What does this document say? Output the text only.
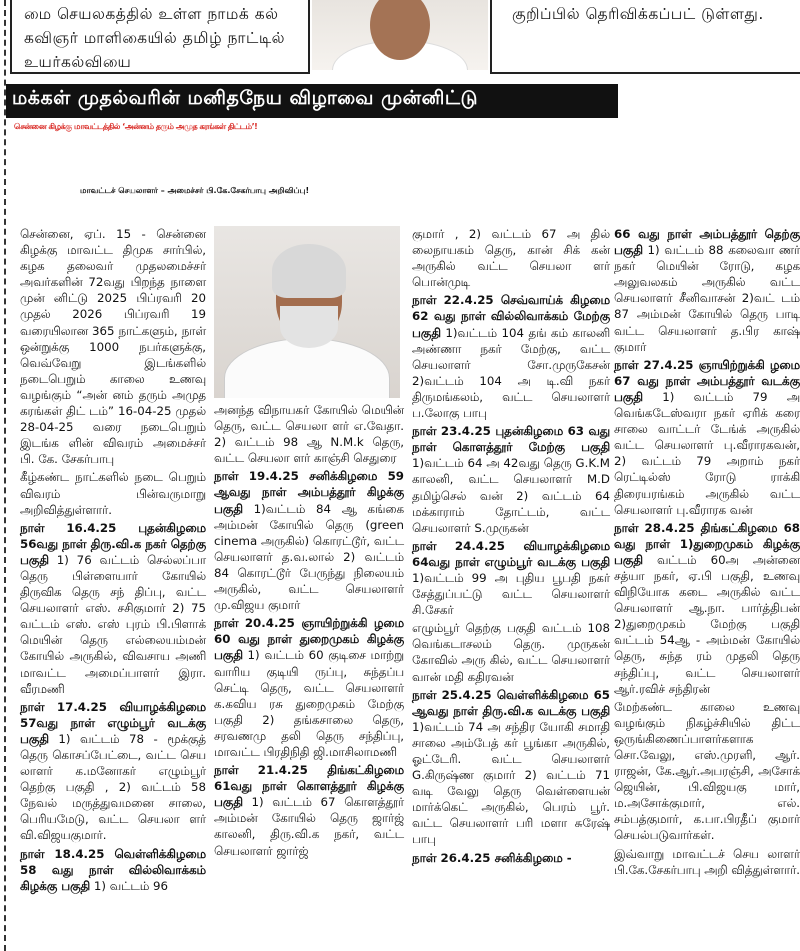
மை செயலகத்தில் உள்ள நாமக் கல் கவிஞர் மாளிகையில் தமிழ் நாட்டில் உயர்கல்வியை
குறிப்பில் தெரிவிக்கப்பட் டுள்ளது.
மக்கள் முதல்வரின் மனிதநேய விழாவை முன்னிட்டு
சென்னை கிழக்கு மாவட்டத்தில் ‘அன்னம் தரும் அமுத கரங்கள் திட்டம்’!
மாவட்டச் செயலாளர் – அமைச்சர் பி.கே.சேகர்பாபு அறிவிப்பு!

சென்னை, ஏப். 15 - சென்னை கிழக்கு மாவட்ட திமுக சார்பில், கழக தலைவர் முதலமைச்சர் அவர்களின் 72வது பிறந்த நாளை முன் னிட்டு 2025 பிப்ரவரி 20 முதல் 2026 பிப்ரவரி 19 வரையிலான 365 நாட்களும், நாள் ஒன்றுக்கு 1000 நபர்களுக்கு, வெவ்வேறு இடங்களில் நடைபெறும் காலை உணவு வழங்கும் “அன் னம் தரும் அமுத கரங்கள் திட் டம்” 16-04-25 முதல் 28-04-25 வரை நடைபெறும் இடங்க ளின் விவரம் அமைச்சர் பி. கே. சேகர்பாபு

கீழ்கண்ட நாட்களில் நடை பெறும் விவரம் பின்வருமாறு அறிவித்துள்ளார்.

நாள் 16.4.25 புதன்கிழமை 56வது நாள் திரு.வி.க நகர் தெற்கு பகுதி 1) 76 வட்டம் செல்லப்பா தெரு பிள்ளையார் கோயில் திருவிக தெரு சந் திப்பு, வட்ட செயலாளர் எஸ். சசிகுமார் 2) 75 வட்டம் எஸ். எஸ் புரம் பி.பிளாக் மெயின் தெரு எல்லையம்மன் கோயில் அருகில், விவசாய அணி மாவட்ட அமைப்பாளர் இரா. வீரமணி

நாள் 17.4.25 வியாழக்கிழமை 57வது நாள் எழும்பூர் வடக்கு பகுதி 1) வட்டம் 78 - மூக்குத் தெரு கொசப்பேட்டை, வட்ட செய லாளர் க.மனோகர் எழும்பூர் தெற்கு பகுதி , 2) வட்டம் 58 நேவல் மருத்துவமனை சாலை, பெரியமேடு, வட்ட செயலா ளர் வி.விஜயகுமார்.

நாள் 18.4.25 வெள்ளிக்கிழமை 58 வது நாள் வில்லிவாக்கம் கிழக்கு பகுதி 1) வட்டம் 96

அனந்த விநாயகர் கோயில் மெயின் தெரு, வட்ட செயலா ளர் எ.வேதா. 2) வட்டம் 98 ஆ N.M.k தெரு, வட்ட செயலா ளர் காஞ்சி செதுரை

நாள் 19.4.25 சனிக்கிழமை 59 ஆவது நாள் அம்பத்தூர் கிழக்கு பகுதி 1)வட்டம் 84 ஆ கங்கை அம்மன் கோயில் தெரு (green cinema அருகில்) கொரட்டூர், வட்ட செயலாளர் த.வ.லால் 2) வட்டம் 84 கொரட்டூர் பேருந்து நிலையம் அருகில், வட்ட செயலாளர் மு.விஜய குமார்

நாள் 20.4.25 ஞாயிற்றுக்கி ழமை 60 வது நாள் துறைமுகம் கிழக்கு பகுதி 1) வட்டம் 60 குடிசை மாற்று வாரிய குடியி ருப்பு, சுந்தப்ப செட்டி தெரு, வட்ட செயலாளர் க.கவிய ரசு துறைமுகம் மேற்கு பகுதி 2) தங்கசாலை தெரு, சரவணமு தலி தெரு சந்திப்பு, மாவட்ட பிரதிநிதி ஜி.மாசிலாமணி

நாள் 21.4.25 திங்கட்கிழமை 61வது நாள் கொளத்தூர் கிழக்கு பகுதி 1) வட்டம் 67 கொளத்தூர் அம்மன் கோயில் தெரு ஜார்ஜ் காலனி, திரு.வி.க நகர், வட்ட செயலாளர் ஜார்ஜ்

குமார் , 2) வட்டம் 67 அ தில் லைநாயகம் தெரு, கான் சிக் கன் அருகில் வட்ட செயலா ளர் பொன்முடி

நாள் 22.4.25 செவ்வாய்க் கிழமை 62 வது நாள் வில்லிவாக்கம் மேற்கு பகுதி 1)வட்டம் 104 தங் கம் காலனி அண்ணா நகர் மேற்கு, வட்ட செயலாளர் சோ.முருகேசன் 2)வட்டம் 104 அ டி.வி நகர் திருமங்கலம், வட்ட செயலாளர் ப.லோகு பாபு

நாள் 23.4.25 புதன்கிழமை 63 வது நாள் கொளத்தூர் மேற்கு பகுதி 1)வட்டம் 64 அ 42வது தெரு G.K.M காலனி, வட்ட செயலாளர் M.D தமிழ்செல் வன் 2) வட்டம் 64 மக்காராம் தோட்டம், வட்ட செயலாளர் S.முருகன்

நாள் 24.4.25 வியாழக்கிழமை 64வது நாள் எழும்பூர் வடக்கு பகுதி 1)வட்டம் 99 அ புதிய பூபதி நகர் சேத்துப்பட்டு வட்ட செயலாளர் சி.சேகர்

எழும்பூர் தெற்கு பகுதி வட்டம் 108 வெங்கடாசலம் தெரு. முருகன் கோவில் அரு கில், வட்ட செயலாளர் வான் மதி கதிரவன்

நாள் 25.4.25 வெள்ளிக்கிழமை 65 ஆவது நாள் திரு.வி.க வடக்கு பகுதி 1)வட்டம் 74 அ சந்திர யோகி சமாதி சாலை அம்பேத் கர் பூங்கா அருகில், ஓட்டேரி. வட்ட செயலாளர் G.கிருஷ்ண குமார் 2) வட்டம் 71 வடி வேலு தெரு வெள்ளையன் மார்க்கெட் அருகில், பெரம் பூர். வட்ட செயலாளர் பரி மளா சுரேஷ் பாபு

நாள் 26.4.25 சனிக்கிழமை -

66 வது நாள் அம்பத்தூர் தெற்கு பகுதி 1) வட்டம் 88 கலைவா ணர் நகர் மெயின் ரோடு, கழக அலுவலகம் அருகில் வட்ட செயலாளர் சீனிவாசன் 2)வட் டம் 87 அம்மன் கோயில் தெரு பாடி வட்ட செயலாளர் த.பிர காஷ் குமார்

நாள் 27.4.25 ஞாயிற்றுக்கி ழமை 67 வது நாள் அம்பத்தூர் வடக்கு பகுதி 1) வட்டம் 79 அ வெங்கடேஸ்வரா நகர் ஏரிக் கரை சாலை வாட்டர் டேங்க் அருகில் வட்ட செயலாளர் பு.வீராரகவன், 2) வட்டம் 79 அறாம் நகர் ரெட்டில்ஸ் ரோடு ராக்கி திரையரங்கம் அருகில் வட்ட செயலாளர் பு.வீராரக வன்

நாள் 28.4.25 திங்கட்கிழமை 68 வது நாள் 1)துறைமுகம் கிழக்கு பகுதி வட்டம் 60அ அன்னை சத்யா நகர், ஏ.பி பகுதி, உணவு விநியோக கடை அருகில் வட்ட செயலாளர் ஆ.நா. பார்த்திபன் 2)துறைமுகம் மேற்கு பகுதி வட்டம் 54ஆ - அம்மன் கோயில் தெரு, சுந்த ரம் முதலி தெரு சந்திப்பு, வட்ட செயலாளர் ஆர்.ரவிச் சந்திரன்

மேற்கண்ட காலை உணவு வழங்கும் நிகழ்ச்சியில் திட்ட ஒருங்கிணைப்பாளர்களாக சொ.வேலு, எஸ்.முரளி, ஆர். ராஜன், கே.ஆர்.அபரஞ்சி, அசோக் ஜெயின், பி.விஜயகு மார், ம.அசோக்குமார், எல். சம்பத்குமார், க.பா.பிரதீப் குமார் செயல்படுவார்கள்.

இவ்வாறு மாவட்டச் செய லாளர் பி.கே.சேகர்பாபு அறி வித்துள்ளார்.
